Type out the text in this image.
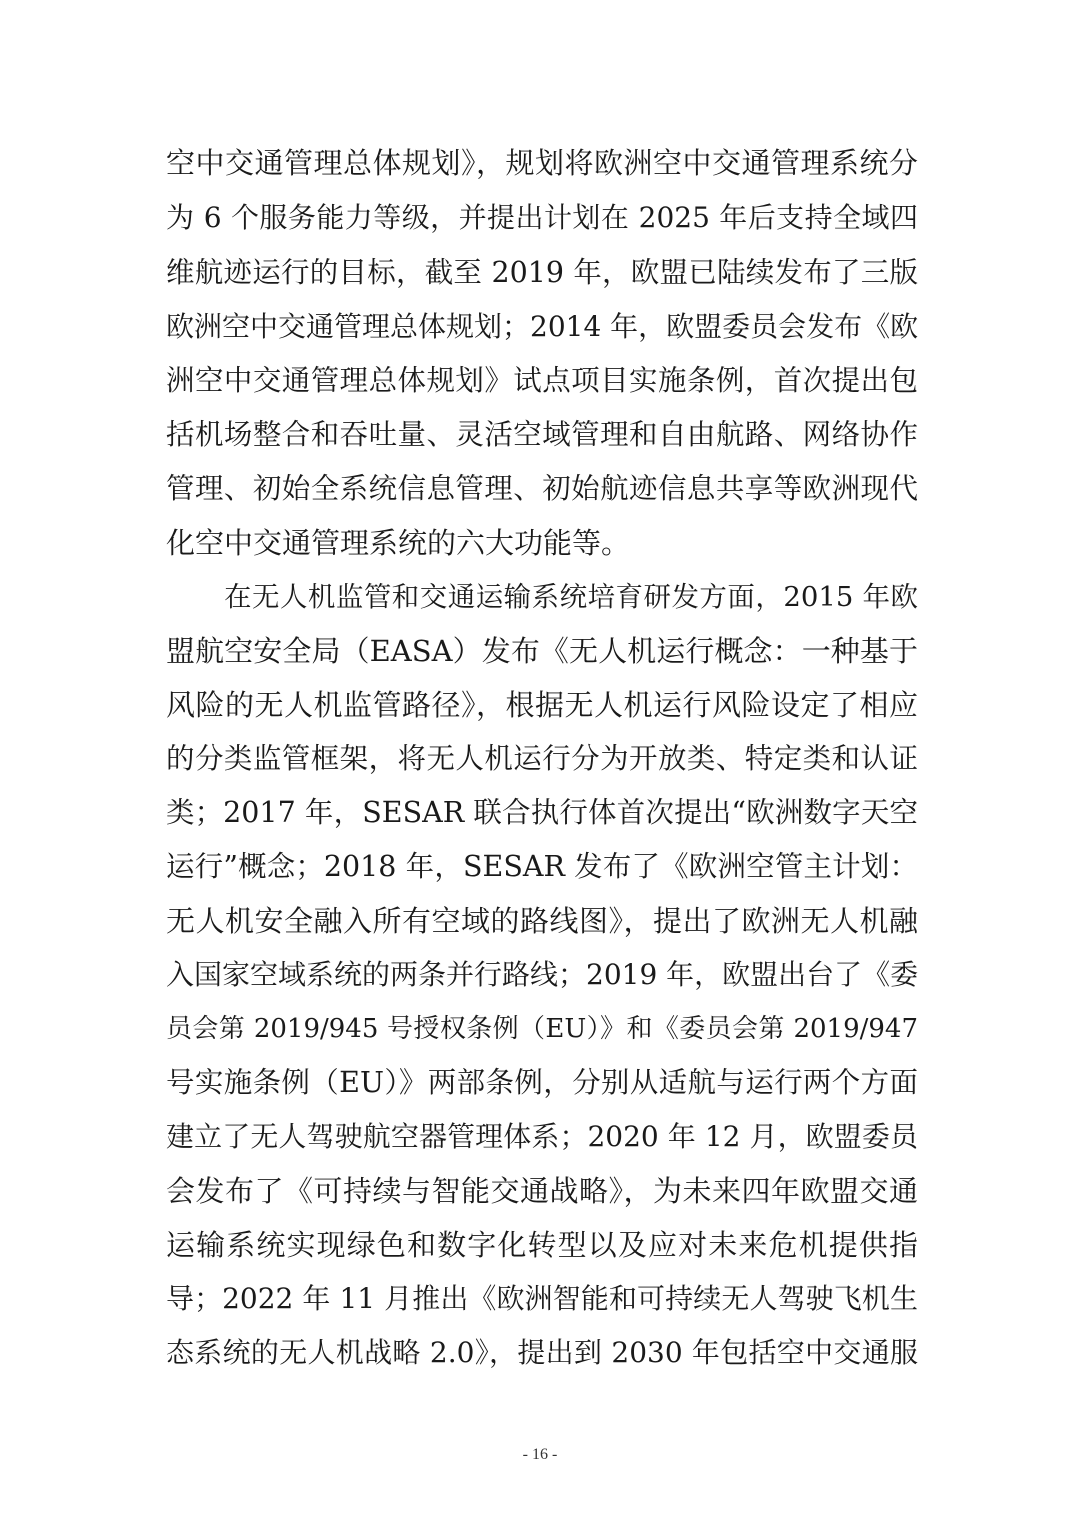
空中交通管理总体规划》，规划将欧洲空中交通管理系统分
为 6 个服务能力等级，并提出计划在 2025 年后支持全域四
维航迹运行的目标，截至 2019 年，欧盟已陆续发布了三版
欧洲空中交通管理总体规划；2014 年，欧盟委员会发布《欧
洲空中交通管理总体规划》试点项目实施条例，首次提出包
括机场整合和吞吐量、灵活空域管理和自由航路、网络协作
管理、初始全系统信息管理、初始航迹信息共享等欧洲现代
化空中交通管理系统的六大功能等。
在无人机监管和交通运输系统培育研发方面，2015 年欧
盟航空安全局（EASA）发布《无人机运行概念：一种基于
风险的无人机监管路径》，根据无人机运行风险设定了相应
的分类监管框架，将无人机运行分为开放类、特定类和认证
类；2017 年，SESAR 联合执行体首次提出“欧洲数字天空
运行”概念；2018 年，SESAR 发布了《欧洲空管主计划：
无人机安全融入所有空域的路线图》，提出了欧洲无人机融
入国家空域系统的两条并行路线；2019 年，欧盟出台了《委
员会第 2019/945 号授权条例（EU）》和《委员会第 2019/947
号实施条例（EU）》两部条例，分别从适航与运行两个方面
建立了无人驾驶航空器管理体系；2020 年 12 月，欧盟委员
会发布了《可持续与智能交通战略》，为未来四年欧盟交通
运输系统实现绿色和数字化转型以及应对未来危机提供指
导；2022 年 11 月推出《欧洲智能和可持续无人驾驶飞机生
态系统的无人机战略 2.0》，提出到 2030 年包括空中交通服
- 16 -
